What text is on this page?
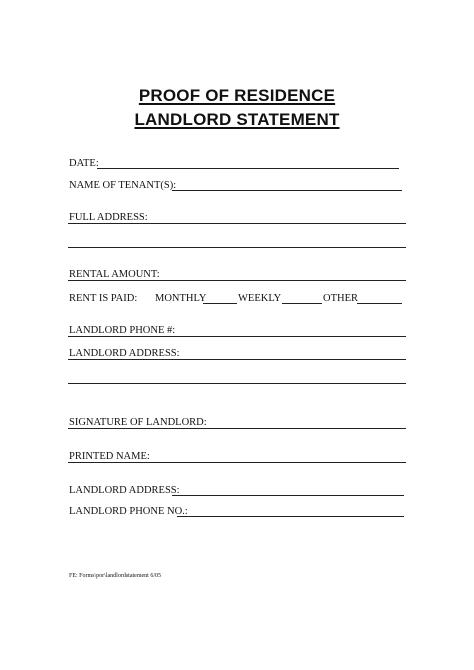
PROOF OF RESIDENCE
LANDLORD STATEMENT
DATE:
NAME OF TENANT(S):
FULL ADDRESS:
RENTAL AMOUNT:
RENT IS PAID: MONTHLY	WEEKLY	OTHER
LANDLORD PHONE #:
LANDLORD ADDRESS:
SIGNATURE OF LANDLORD:
PRINTED NAME:
LANDLORD ADDRESS:
LANDLORD PHONE NO.:
FE: Forms\por\landlordstatement 6/05
